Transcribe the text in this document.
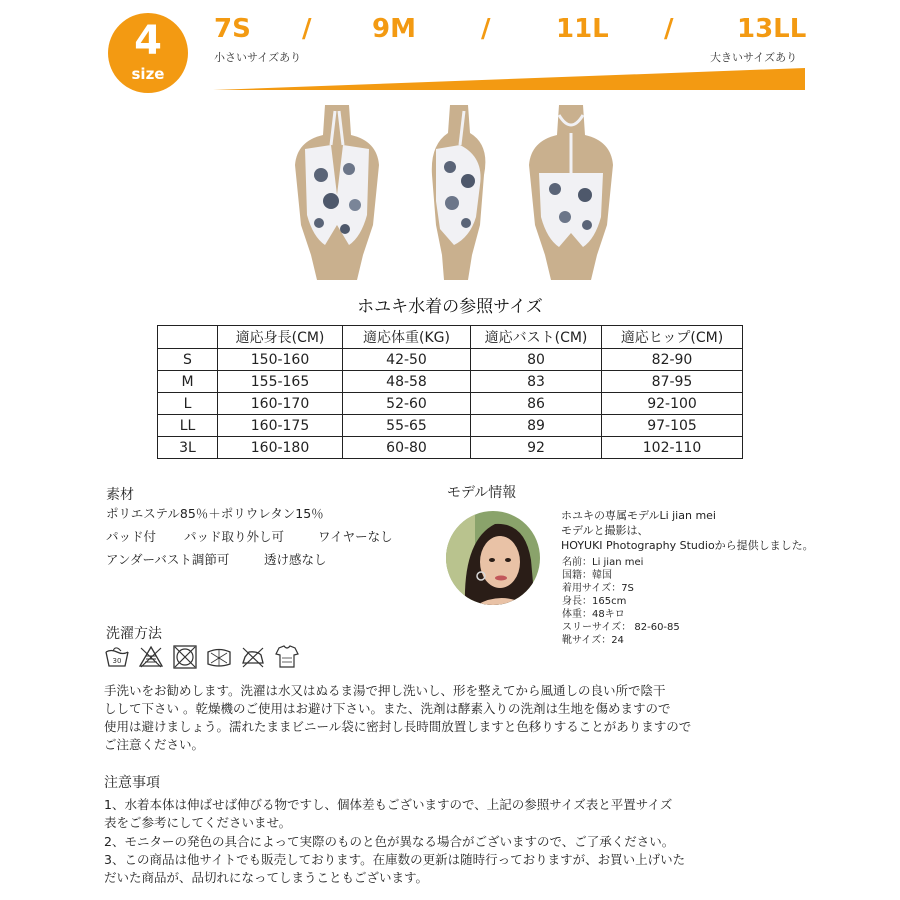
4
size
7S / 9M	/	11L / 13LL
小さいサイズあり	大きいサイズあり
ホユキ水着の参照サイズ
	適応身長(CM)	適応体重(KG)	適応バスト(CM)	適応ヒップ(CM)
S	150-160	42-50	80	82-90
M	155-165	48-58	83	87-95
L	160-170	52-60	86	92-100
LL	160-175	55-65	89	97-105
3L	160-180	60-80	92	102-110
素材
ポリエステル85％＋ポリウレタン15％
パッド付 パッド取り外し可	ワイヤーなし
アンダーバスト調節可	透け感なし
モデル情報
ホユキの専属モデルLi jian mei
モデルと撮影は、
HOYUKI Photography Studioから提供しました。
名前：Li jian mei
国籍：韓国
着用サイズ：7S
身長：165cm
体重：48キロ
スリーサイズ： 82-60-85
靴サイズ：24
洗濯方法
30

手洗いをお勧めします。洗濯は水又はぬるま湯で押し洗いし、形を整えてから風通しの良い所で陰干
しして下さい 。乾燥機のご使用はお避け下さい。また、洗剤は酵素入りの洗剤は生地を傷めますので
使用は避けましょう。濡れたままビニール袋に密封し長時間放置しますと色移りすることがありますので
ご注意ください。
注意事項
1、水着本体は伸ばせば伸びる物ですし、個体差もございますので、上記の参照サイズ表と平置サイズ
表をご参考にしてくださいませ。
2、モニターの発色の具合によって実際のものと色が異なる場合がございますので、ご了承ください。
3、この商品は他サイトでも販売しております。在庫数の更新は随時行っておりますが、お買い上げいた
だいた商品が、品切れになってしまうこともございます。
